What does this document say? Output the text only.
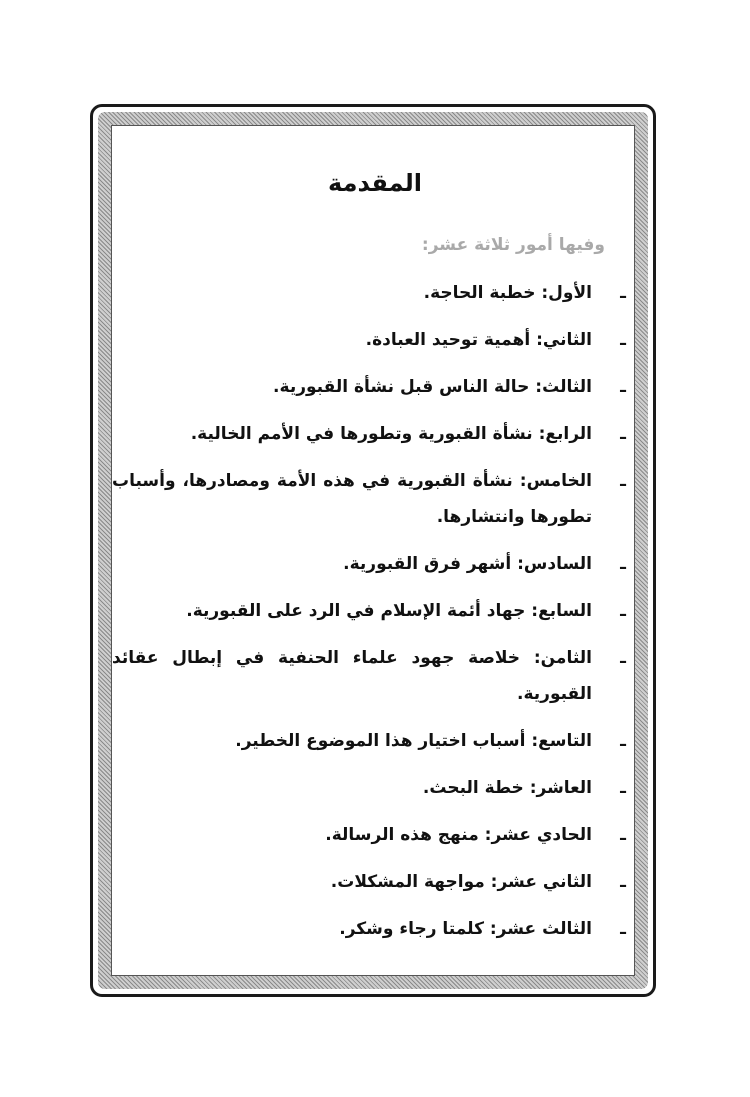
المقدمة
وفيها أمور ثلاثة عشر:
ـ
الأول: خطبة الحاجة.
ـ
الثاني: أهمية توحيد العبادة.
ـ
الثالث: حالة الناس قبل نشأة القبورية.
ـ
الرابع: نشأة القبورية وتطورها في الأمم الخالية.
ـ
الخامس: نشأة القبورية في هذه الأمة ومصادرها، وأسباب تطورها وانتشارها.
ـ
السادس: أشهر فرق القبورية.
ـ
السابع: جهاد أئمة الإسلام في الرد على القبورية.
ـ
الثامن: خلاصة جهود علماء الحنفية في إبطال عقائد القبورية.
ـ
التاسع: أسباب اختيار هذا الموضوع الخطير.
ـ
العاشر: خطة البحث.
ـ
الحادي عشر: منهج هذه الرسالة.
ـ
الثاني عشر: مواجهة المشكلات.
ـ
الثالث عشر: كلمتا رجاء وشكر.
